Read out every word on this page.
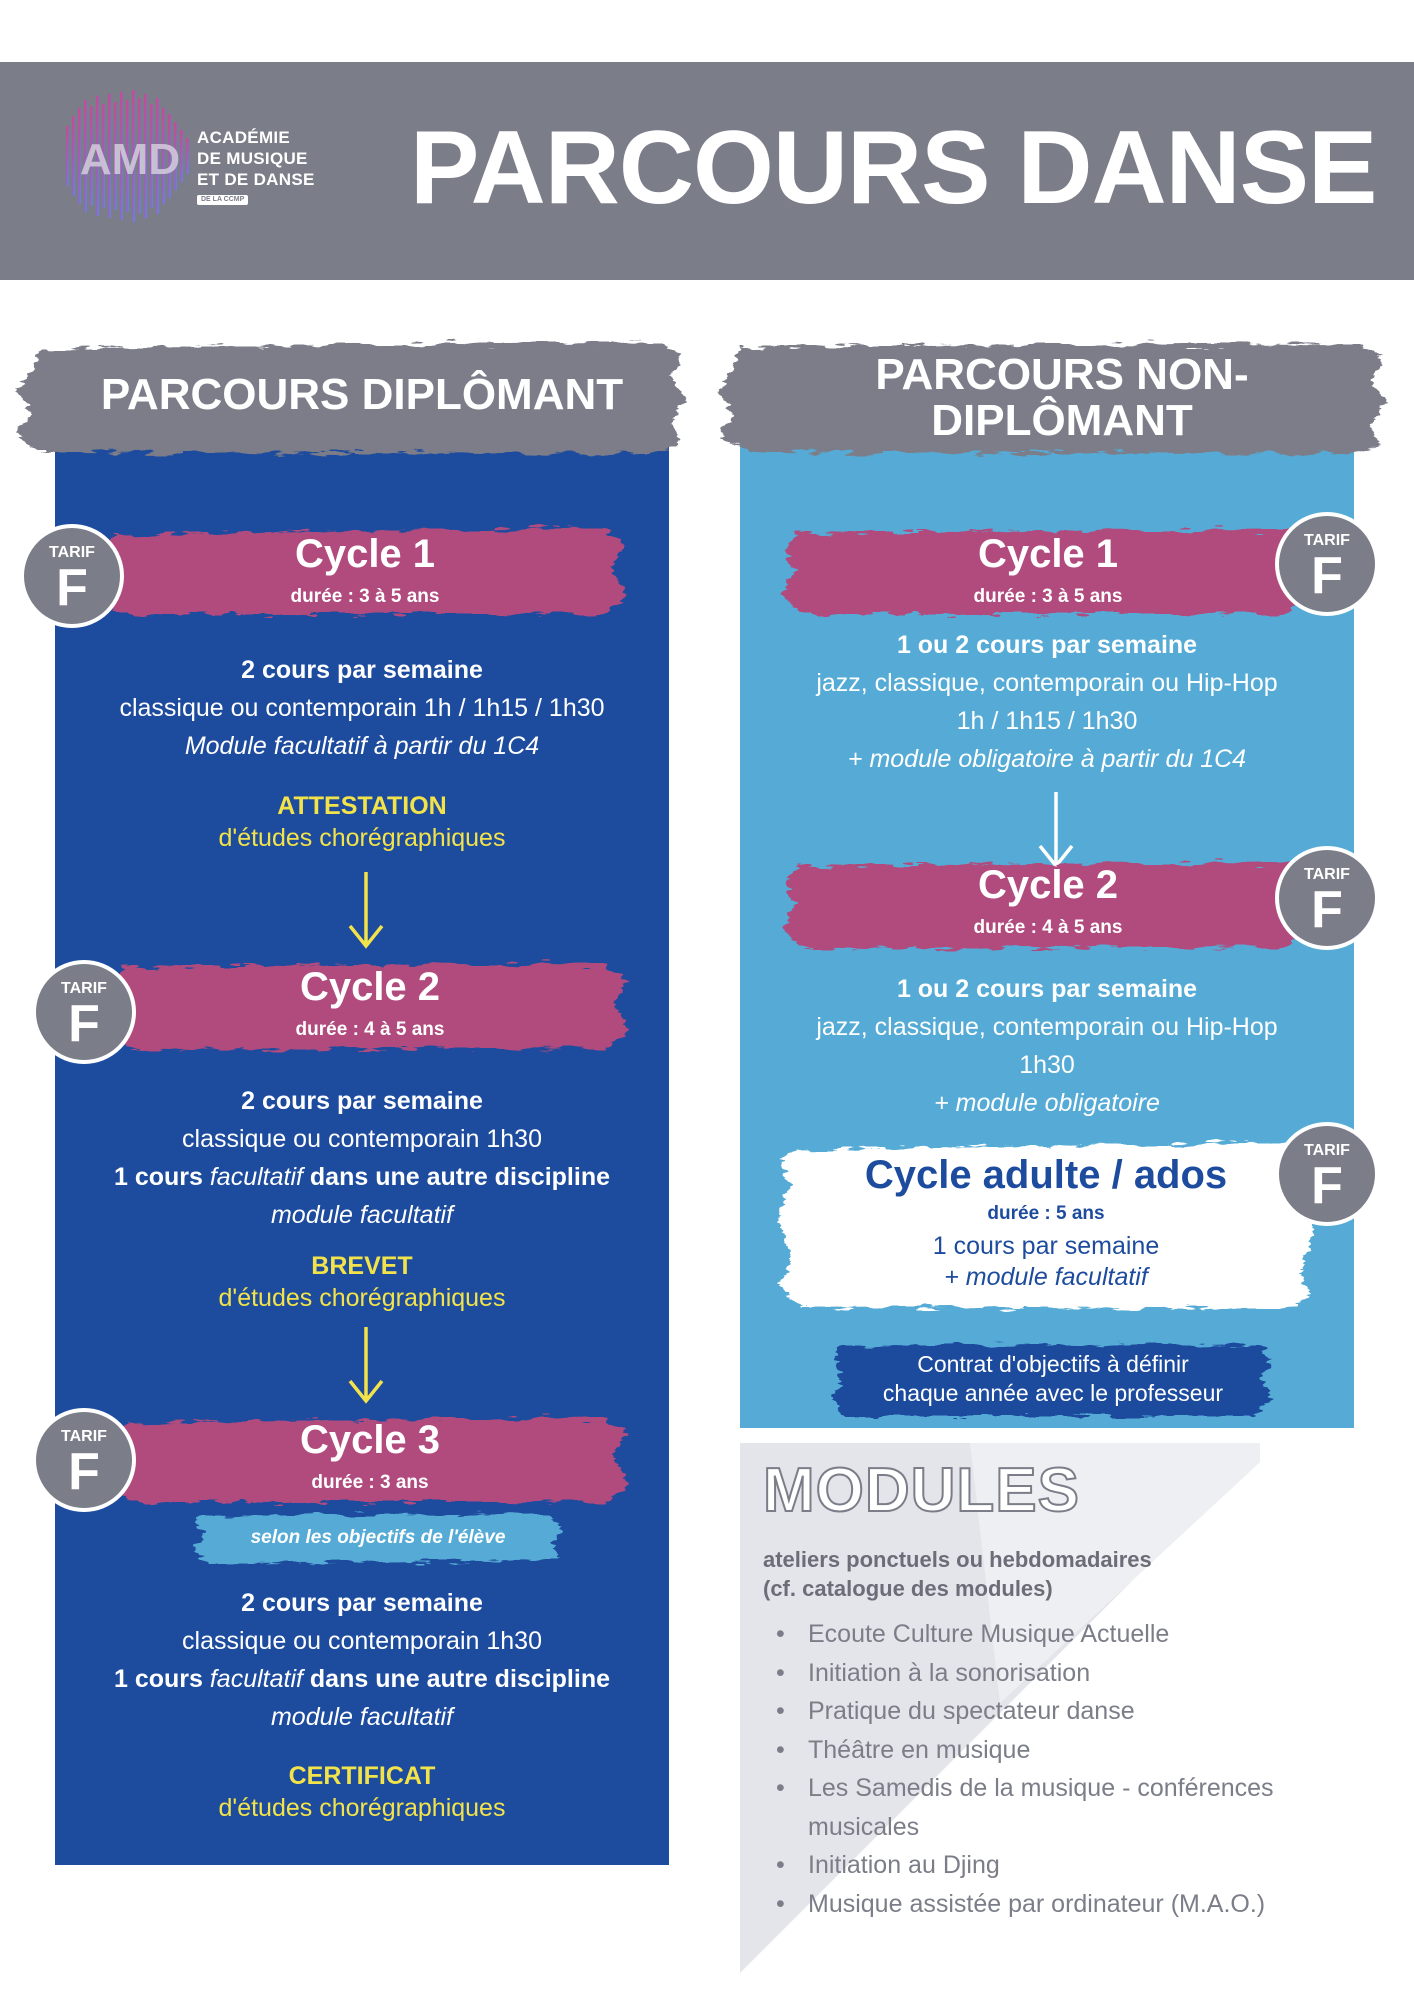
AMD ACADÉMIE
DE MUSIQUE
ET DE DANSE
DE LA CCMP PARCOURS DANSE
PARCOURS DIPLÔMANT	PARCOURS NON-
DIPLÔMANT
Cycle 1
durée : 3 à 5 ans
TARIF
F
2 cours par semaine
classique ou contemporain 1h / 1h15 / 1h30
Module facultatif à partir du 1C4
ATTESTATION
d'études chorégraphiques
Cycle 2
durée : 4 à 5 ans
TARIF
F
2 cours par semaine
classique ou contemporain 1h30
1 cours facultatif dans une autre discipline
module facultatif
BREVET
d'études chorégraphiques
Cycle 3
durée : 3 ans
TARIF
F
selon les objectifs de l'élève
2 cours par semaine
classique ou contemporain 1h30
1 cours facultatif dans une autre discipline
module facultatif
CERTIFICAT
d'études chorégraphiques
Cycle 1
durée : 3 à 5 ans
TARIF
F
1 ou 2 cours par semaine
jazz, classique, contemporain ou Hip-Hop
1h / 1h15 / 1h30
+ module obligatoire à partir du 1C4
Cycle 2
durée : 4 à 5 ans
TARIF
F
1 ou 2 cours par semaine
jazz, classique, contemporain ou Hip-Hop
1h30
+ module obligatoire
Cycle adulte / ados
durée : 5 ans
1 cours par semaine
+ module facultatif
TARIF
F
Contrat d'objectifs à définir
chaque année avec le professeur
MODULES
ateliers ponctuels ou hebdomadaires
(cf. catalogue des modules)
• Ecoute Culture Musique Actuelle
• Initiation à la sonorisation
• Pratique du spectateur danse
• Théâtre en musique
• Les Samedis de la musique - conférences musicales
• Initiation au Djing
• Musique assistée par ordinateur (M.A.O.)
